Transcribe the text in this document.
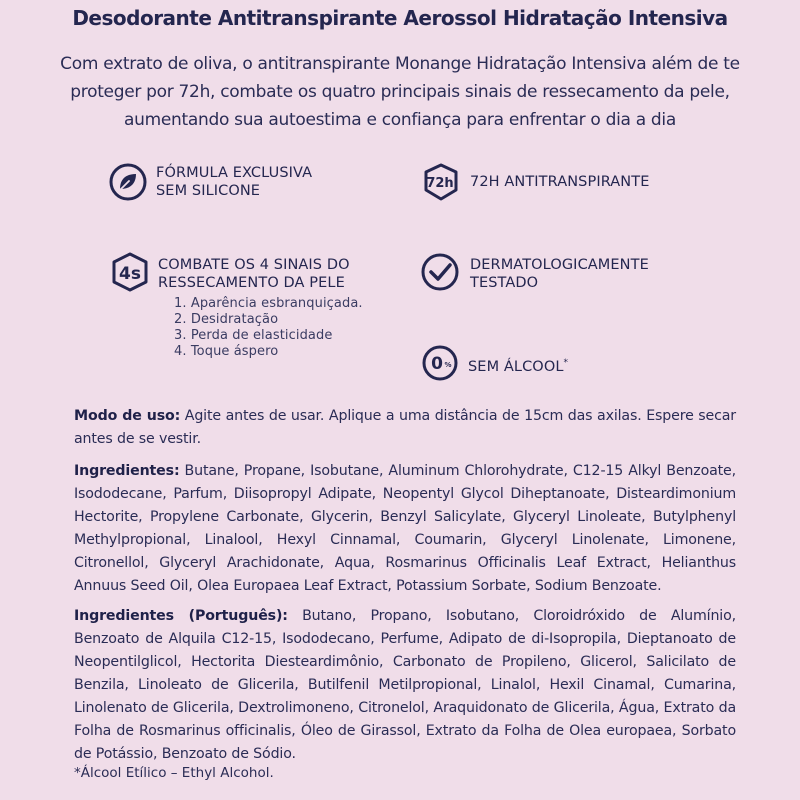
Desodorante Antitranspirante Aerossol Hidratação Intensiva
Com extrato de oliva, o antitranspirante Monange Hidratação Intensiva além de te proteger por 72h, combate os quatro principais sinais de ressecamento da pele, aumentando sua autoestima e confiança para enfrentar o dia a dia
FÓRMULA EXCLUSIVA
SEM SILICONE	72h 72H ANTITRANSPIRANTE
4s COMBATE OS 4 SINAIS DO
RESSECAMENTO DA PELE
1. Aparência esbranquiçada.
2. Desidratação
3. Perda de elasticidade
4. Toque áspero
DERMATOLOGICAMENTE
TESTADO
0 % SEM ÁLCOOL*
Modo de uso: Agite antes de usar. Aplique a uma distância de 15cm das axilas. Espere secar antes de se vestir.
Ingredientes: Butane, Propane, Isobutane, Aluminum Chlorohydrate, C12-15 Alkyl Benzoate, Isododecane, Parfum, Diisopropyl Adipate, Neopentyl Glycol Diheptanoate, Disteardimonium Hectorite, Propylene Carbonate, Glycerin, Benzyl Salicylate, Glyceryl Linoleate, Butylphenyl Methylpropional, Linalool, Hexyl Cinnamal, Coumarin, Glyceryl Linolenate, Limonene, Citronellol, Glyceryl Arachidonate, Aqua, Rosmarinus Officinalis Leaf Extract, Helianthus Annuus Seed Oil, Olea Europaea Leaf Extract, Potassium Sorbate, Sodium Benzoate.
Ingredientes (Português): Butano, Propano, Isobutano, Cloroidróxido de Alumínio, Benzoato de Alquila C12-15, Isododecano, Perfume, Adipato de di-Isopropila, Dieptanoato de Neopentilglicol, Hectorita Diesteardimônio, Carbonato de Propileno, Glicerol, Salicilato de Benzila, Linoleato de Glicerila, Butilfenil Metilpropional, Linalol, Hexil Cinamal, Cumarina, Linolenato de Glicerila, Dextrolimoneno, Citronelol, Araquidonato de Glicerila, Água, Extrato da Folha de Rosmarinus officinalis, Óleo de Girassol, Extrato da Folha de Olea europaea, Sorbato de Potássio, Benzoato de Sódio.
*Álcool Etílico – Ethyl Alcohol.
